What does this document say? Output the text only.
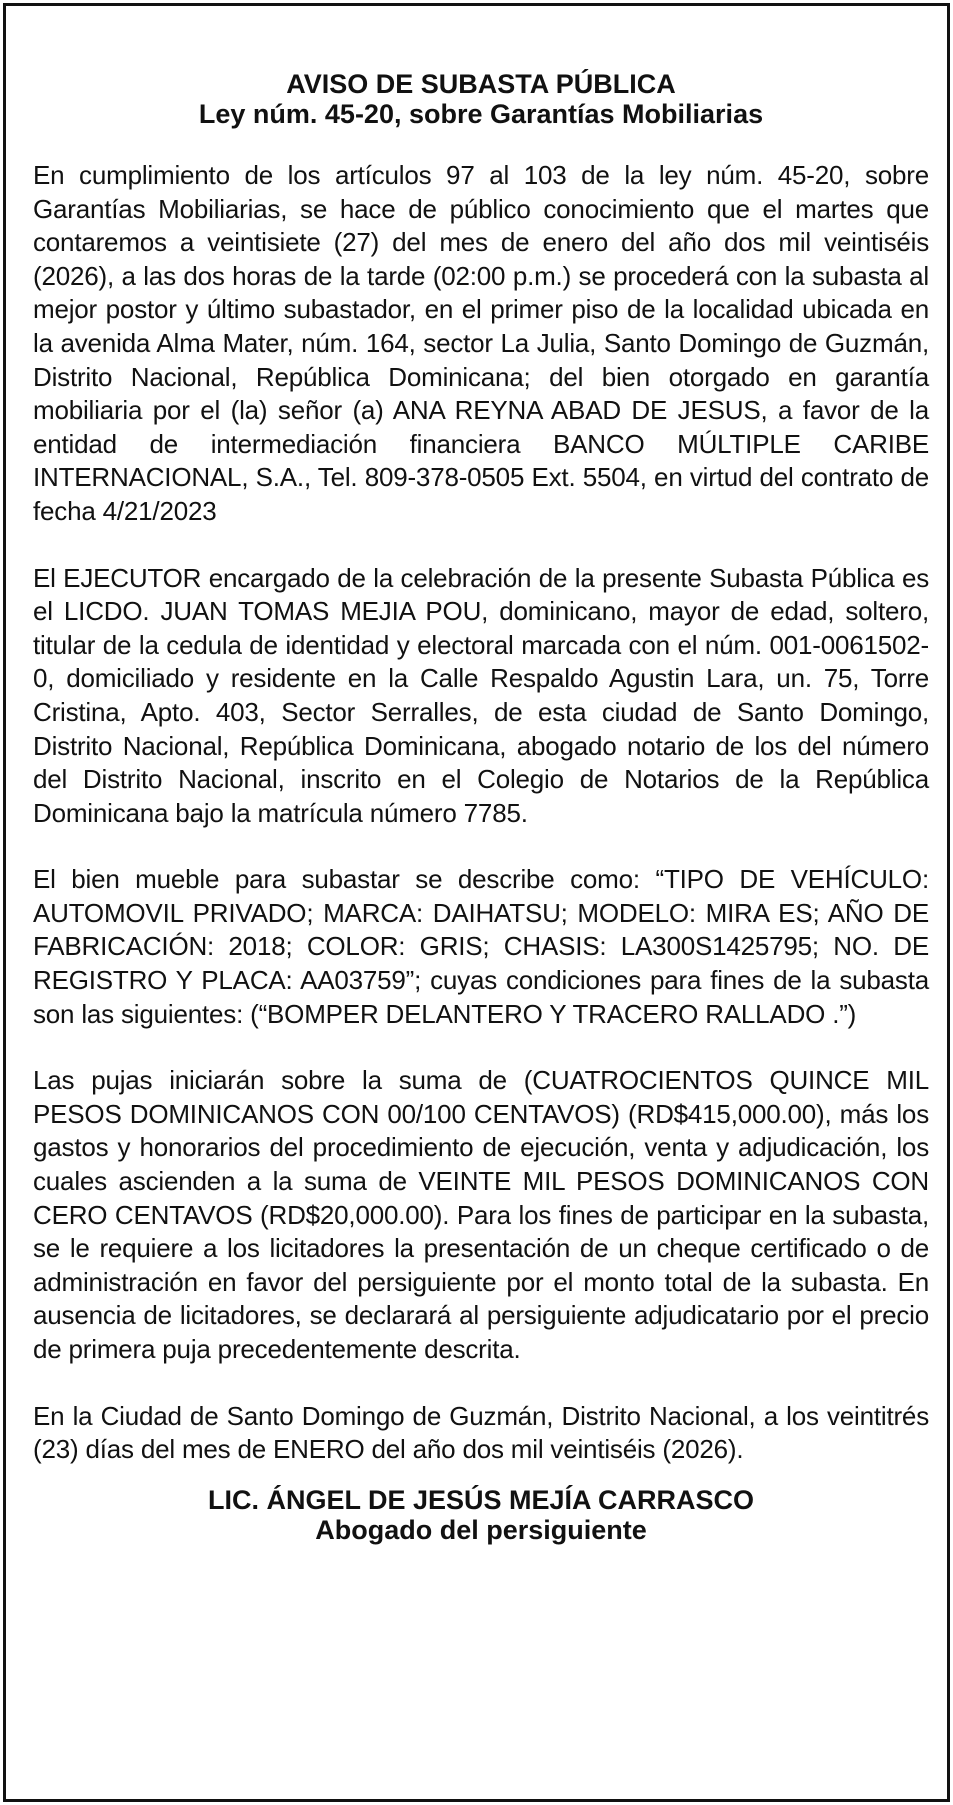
AVISO DE SUBASTA PÚBLICA
Ley núm. 45-20, sobre Garantías Mobiliarias

En cumplimiento de los artículos 97 al 103 de la ley núm. 45-20, sobre Garantías Mobiliarias, se hace de público conocimiento que el martes que contaremos a veintisiete (27) del mes de enero del año dos mil veintiséis (2026), a las dos horas de la tarde (02:00 p.m.) se procederá con la subasta al mejor postor y último subastador, en el primer piso de la localidad ubicada en la avenida Alma Mater, núm. 164, sector La Julia, Santo Domingo de Guzmán, Distrito Nacional, República Dominicana; del bien otorgado en garantía mobiliaria por el (la) señor (a) ANA REYNA ABAD DE JESUS, a favor de la entidad de intermediación financiera BANCO MÚLTIPLE CARIBE INTERNACIONAL, S.A., Tel. 809-378-0505 Ext. 5504, en virtud del contrato de fecha 4/21/2023

El EJECUTOR encargado de la celebración de la presente Subasta Pública es el LICDO. JUAN TOMAS MEJIA POU, dominicano, mayor de edad, soltero, titular de la cedula de identidad y electoral marcada con el núm. 001-0061502-0, domiciliado y residente en la Calle Respaldo Agustin Lara, un. 75, Torre Cristina, Apto. 403, Sector Serralles, de esta ciudad de Santo Domingo, Distrito Nacional, República Dominicana, abogado notario de los del número del Distrito Nacional, inscrito en el Colegio de Notarios de la República Dominicana bajo la matrícula número 7785.

El bien mueble para subastar se describe como: “TIPO DE VEHÍCULO: AUTOMOVIL PRIVADO; MARCA: DAIHATSU; MODELO: MIRA ES; AÑO DE FABRICACIÓN: 2018; COLOR: GRIS; CHASIS: LA300S1425795; NO. DE REGISTRO Y PLACA: AA03759”; cuyas condiciones para fines de la subasta son las siguientes: (“BOMPER DELANTERO Y TRACERO RALLADO .”)

Las pujas iniciarán sobre la suma de (CUATROCIENTOS QUINCE MIL PESOS DOMINICANOS CON 00/100 CENTAVOS) (RD$415,000.00), más los gastos y honorarios del procedimiento de ejecución, venta y adjudicación, los cuales ascienden a la suma de VEINTE MIL PESOS DOMINICANOS CON CERO CENTAVOS (RD$20,000.00). Para los fines de participar en la subasta, se le requiere a los licitadores la presentación de un cheque certificado o de administración en favor del persiguiente por el monto total de la subasta. En ausencia de licitadores, se declarará al persiguiente adjudicatario por el precio de primera puja precedentemente descrita.

En la Ciudad de Santo Domingo de Guzmán, Distrito Nacional, a los veintitrés (23) días del mes de ENERO del año dos mil veintiséis (2026).

LIC. ÁNGEL DE JESÚS MEJÍA CARRASCO
Abogado del persiguiente
